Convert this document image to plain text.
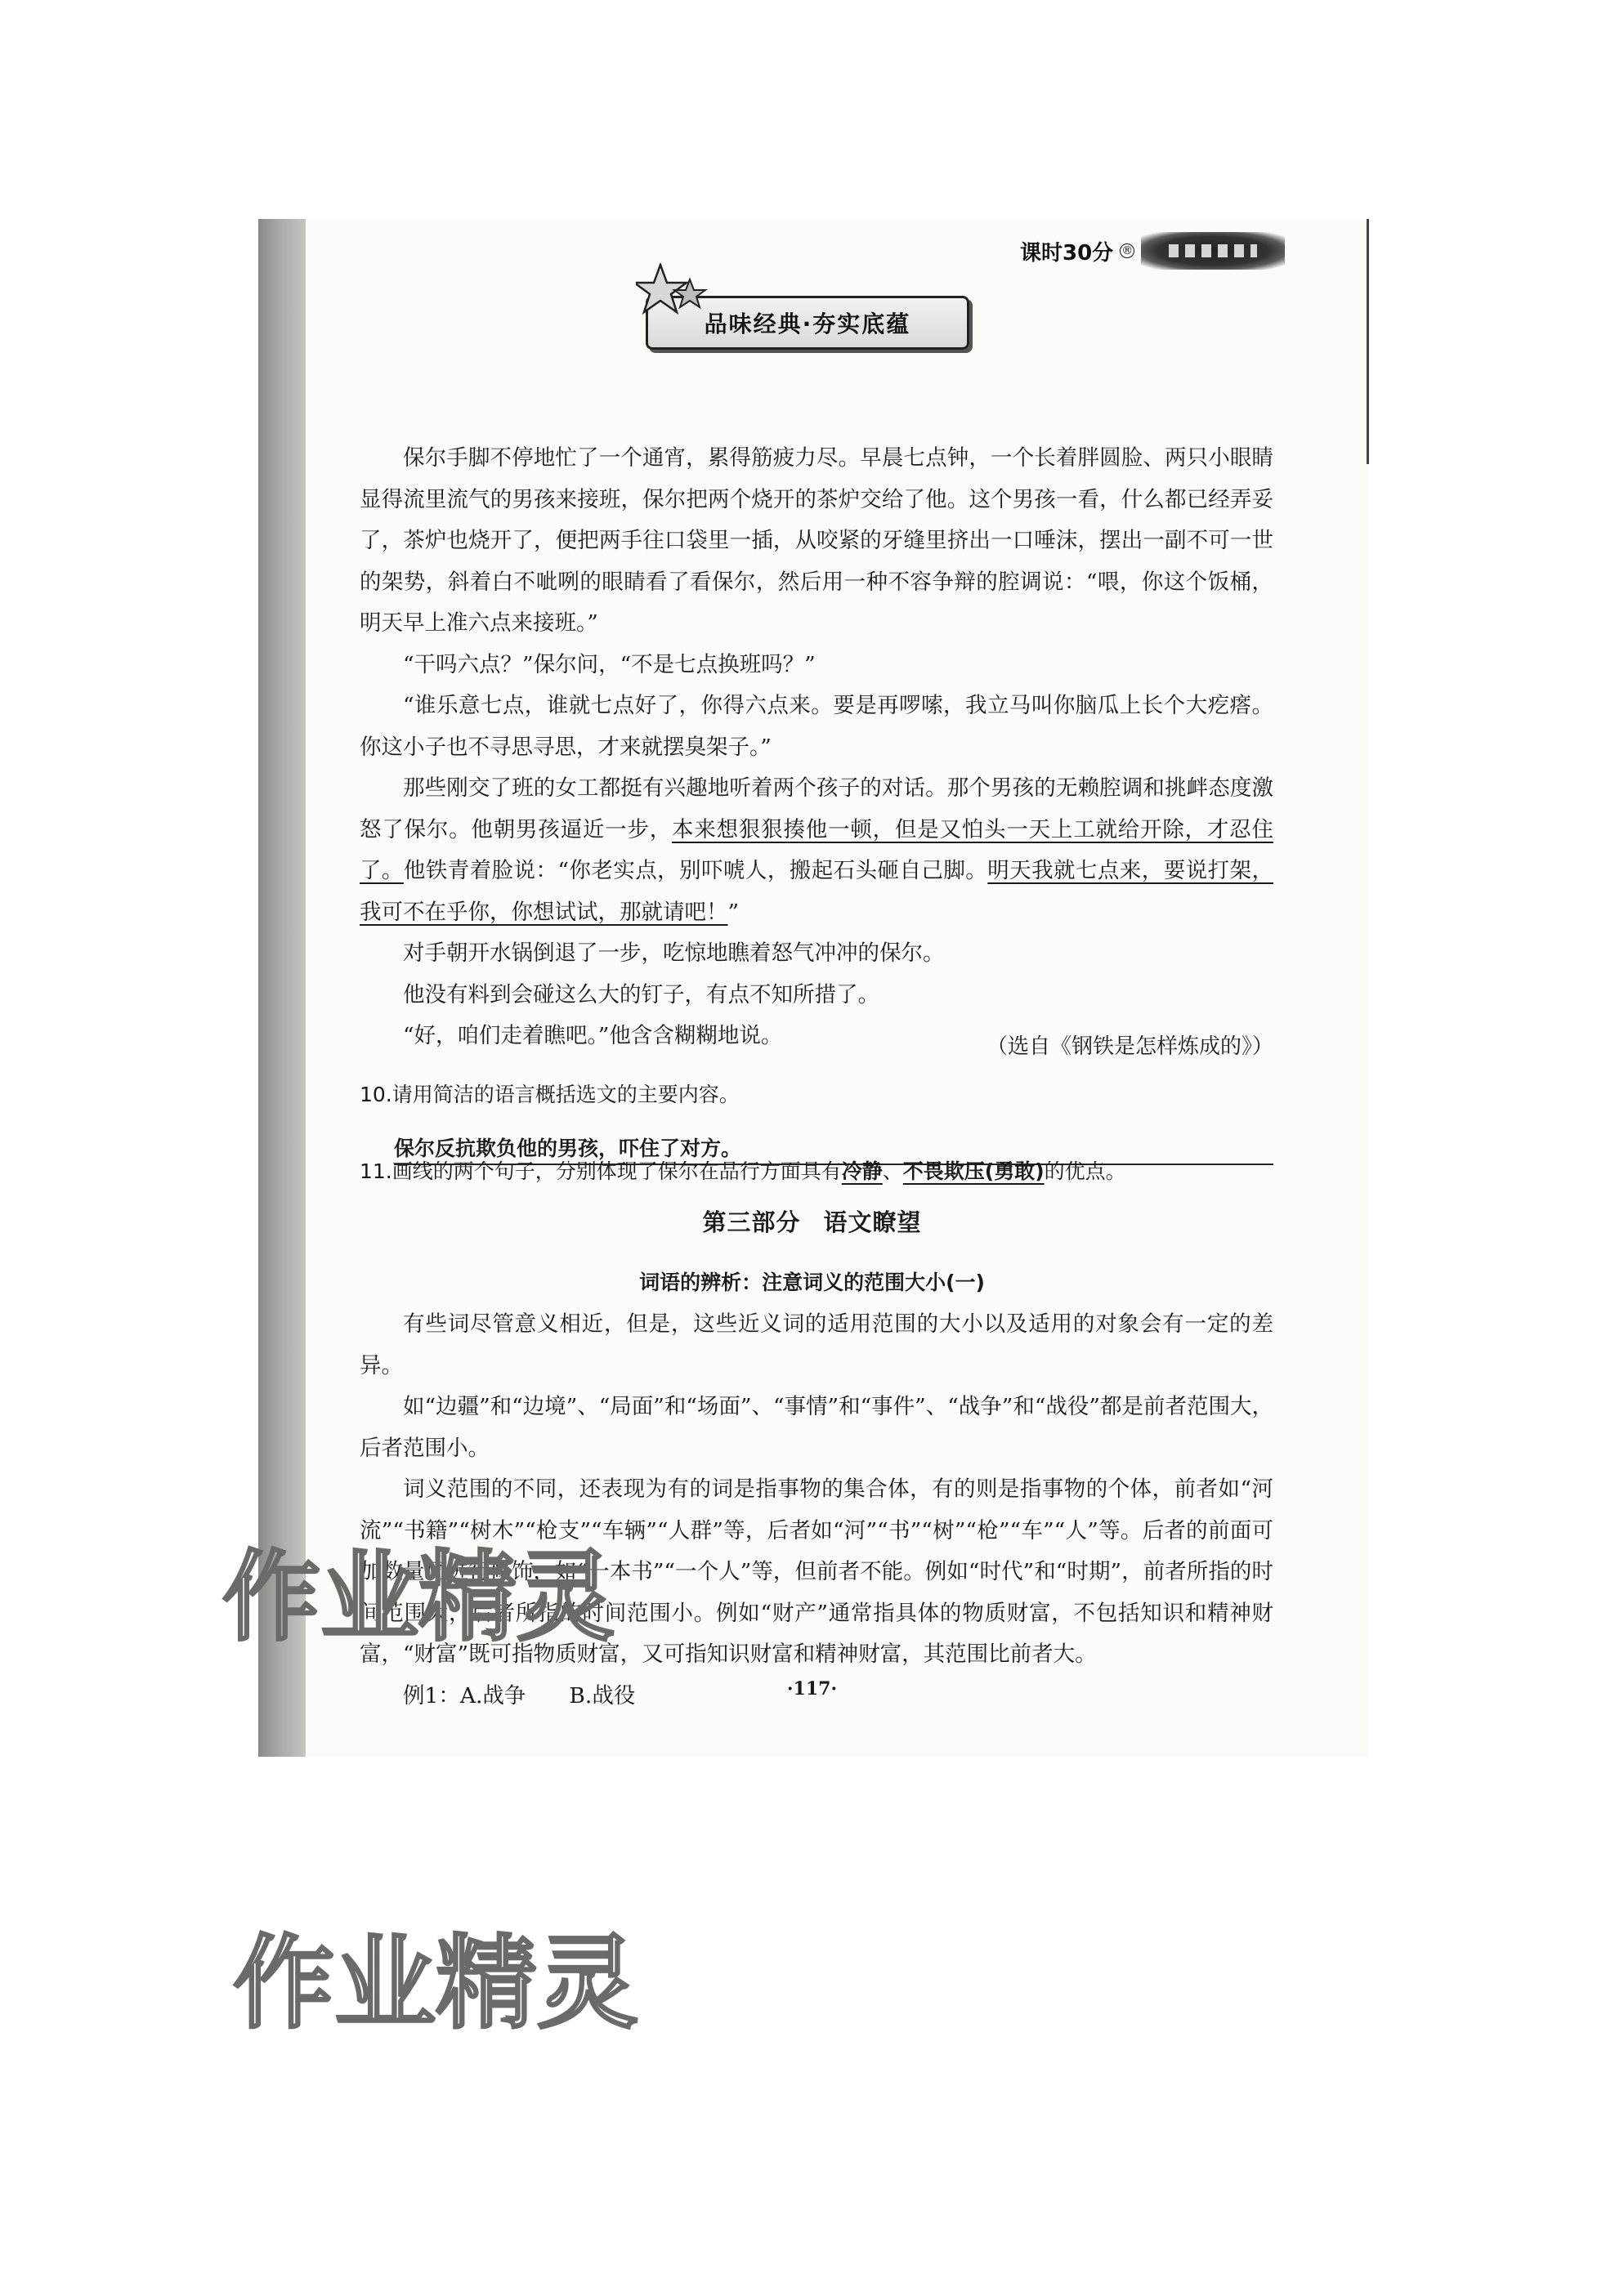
课时30分 ®
品味经典·夯实底蕴

保尔手脚不停地忙了一个通宵，累得筋疲力尽。早晨七点钟，一个长着胖圆脸、两只小眼睛显得流里流气的男孩来接班，保尔把两个烧开的茶炉交给了他。这个男孩一看，什么都已经弄妥了，茶炉也烧开了，便把两手往口袋里一插，从咬紧的牙缝里挤出一口唾沫，摆出一副不可一世的架势，斜着白不呲咧的眼睛看了看保尔，然后用一种不容争辩的腔调说：“喂，你这个饭桶，明天早上准六点来接班。”

“干吗六点？”保尔问，“不是七点换班吗？”

“谁乐意七点，谁就七点好了，你得六点来。要是再啰嗦，我立马叫你脑瓜上长个大疙瘩。你这小子也不寻思寻思，才来就摆臭架子。”

那些刚交了班的女工都挺有兴趣地听着两个孩子的对话。那个男孩的无赖腔调和挑衅态度激怒了保尔。他朝男孩逼近一步，本来想狠狠揍他一顿，但是又怕头一天上工就给开除，才忍住了。他铁青着脸说：“你老实点，别吓唬人，搬起石头砸自己脚。明天我就七点来，要说打架，我可不在乎你，你想试试，那就请吧！”

对手朝开水锅倒退了一步，吃惊地瞧着怒气冲冲的保尔。

他没有料到会碰这么大的钉子，有点不知所措了。

“好，咱们走着瞧吧。”他含含糊糊地说。	（选自《钢铁是怎样炼成的》）
10.请用简洁的语言概括选文的主要内容。
保尔反抗欺负他的男孩，吓住了对方。
11.画线的两个句子，分别体现了保尔在品行方面具有冷静、不畏欺压(勇敢)的优点。
第三部分 语文瞭望
词语的辨析：注意词义的范围大小(一)

有些词尽管意义相近，但是，这些近义词的适用范围的大小以及适用的对象会有一定的差异。

如“边疆”和“边境”、“局面”和“场面”、“事情”和“事件”、“战争”和“战役”都是前者范围大，后者范围小。

词义范围的不同，还表现为有的词是指事物的集合体，有的则是指事物的个体，前者如“河流”“书籍”“树木”“枪支”“车辆”“人群”等，后者如“河”“书”“树”“枪”“车”“人”等。后者的前面可加数量词进行修饰，如“一本书”“一个人”等，但前者不能。例如“时代”和“时期”，前者所指的时间范围大，后者所指的时间范围小。例如“财产”通常指具体的物质财富，不包括知识和精神财富，“财富”既可指物质财富，又可指知识财富和精神财富，其范围比前者大。

例1：A.战争　　B.战役	·117·
作业精灵
作业精灵
